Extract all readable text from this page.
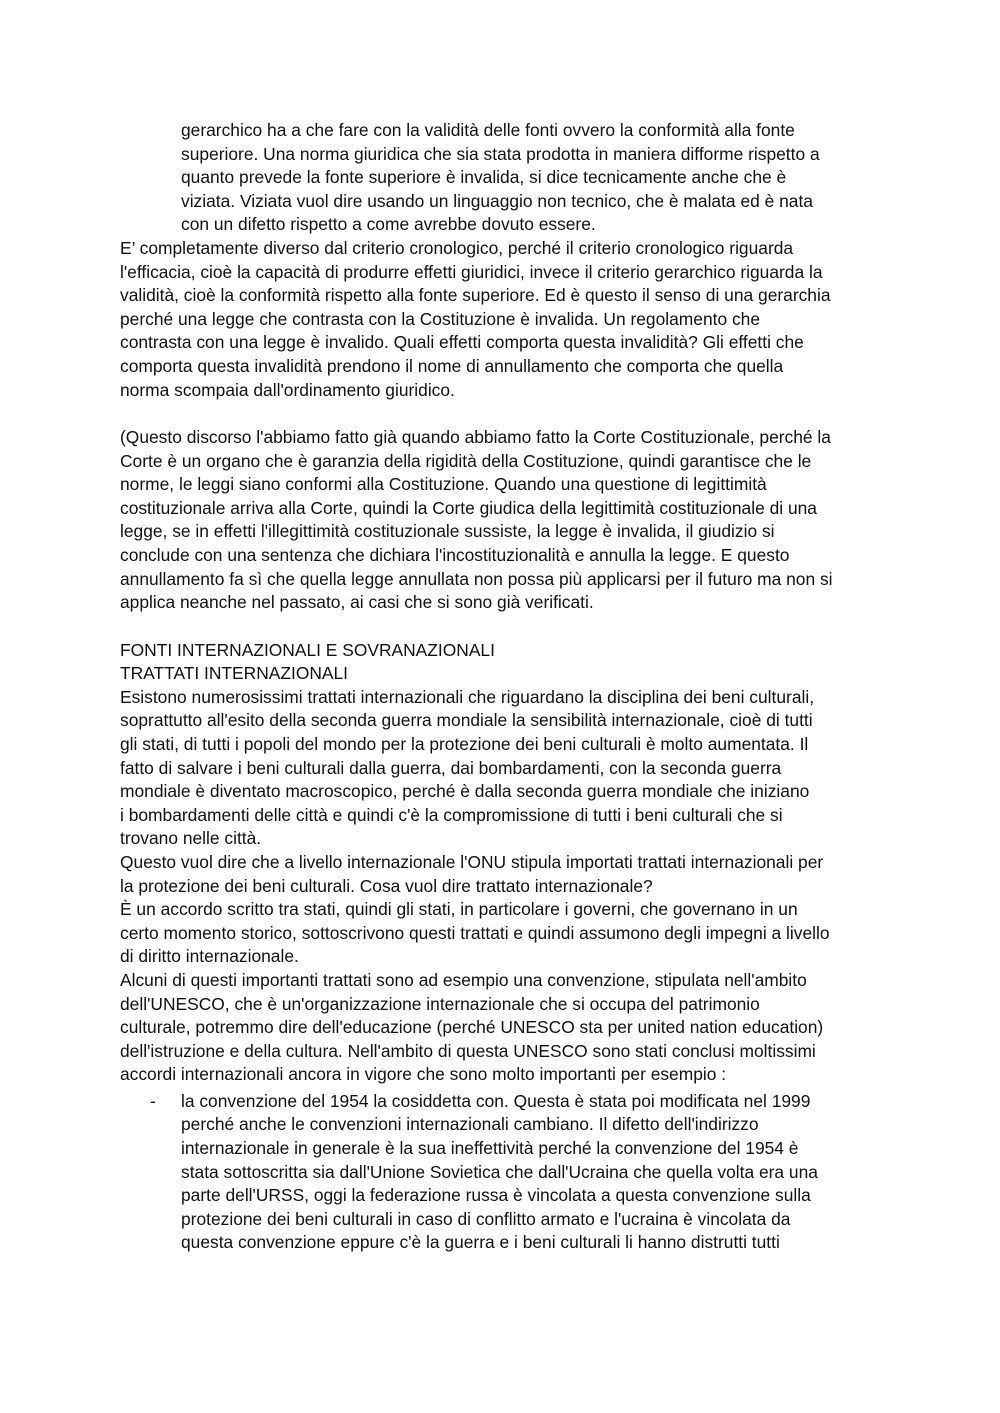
gerarchico ha a che fare con la validità delle fonti ovvero la conformità alla fonte
superiore. Una norma giuridica che sia stata prodotta in maniera difforme rispetto a
quanto prevede la fonte superiore è invalida, si dice tecnicamente anche che è
viziata. Viziata vuol dire usando un linguaggio non tecnico, che è malata ed è nata
con un difetto rispetto a come avrebbe dovuto essere.
E’ completamente diverso dal criterio cronologico, perché il criterio cronologico riguarda
l'efficacia, cioè la capacità di produrre effetti giuridici, invece il criterio gerarchico riguarda la
validità, cioè la conformità rispetto alla fonte superiore. Ed è questo il senso di una gerarchia
perché una legge che contrasta con la Costituzione è invalida. Un regolamento che
contrasta con una legge è invalido. Quali effetti comporta questa invalidità? Gli effetti che
comporta questa invalidità prendono il nome di annullamento che comporta che quella
norma scompaia dall'ordinamento giuridico.
(Questo discorso l'abbiamo fatto già quando abbiamo fatto la Corte Costituzionale, perché la
Corte è un organo che è garanzia della rigidità della Costituzione, quindi garantisce che le
norme, le leggi siano conformi alla Costituzione. Quando una questione di legittimità
costituzionale arriva alla Corte, quindi la Corte giudica della legittimità costituzionale di una
legge, se in effetti l'illegittimità costituzionale sussiste, la legge è invalida, il giudizio si
conclude con una sentenza che dichiara l'incostituzionalità e annulla la legge. E questo
annullamento fa sì che quella legge annullata non possa più applicarsi per il futuro ma non si
applica neanche nel passato, ai casi che si sono già verificati.
FONTI INTERNAZIONALI E SOVRANAZIONALI
TRATTATI INTERNAZIONALI
Esistono numerosissimi trattati internazionali che riguardano la disciplina dei beni culturali,
soprattutto all'esito della seconda guerra mondiale la sensibilità internazionale, cioè di tutti
gli stati, di tutti i popoli del mondo per la protezione dei beni culturali è molto aumentata. Il
fatto di salvare i beni culturali dalla guerra, dai bombardamenti, con la seconda guerra
mondiale è diventato macroscopico, perché è dalla seconda guerra mondiale che iniziano
i bombardamenti delle città e quindi c'è la compromissione di tutti i beni culturali che si
trovano nelle città.
Questo vuol dire che a livello internazionale l'ONU stipula importati trattati internazionali per
la protezione dei beni culturali. Cosa vuol dire trattato internazionale?
È un accordo scritto tra stati, quindi gli stati, in particolare i governi, che governano in un
certo momento storico, sottoscrivono questi trattati e quindi assumono degli impegni a livello
di diritto internazionale.
Alcuni di questi importanti trattati sono ad esempio una convenzione, stipulata nell'ambito
dell'UNESCO, che è un'organizzazione internazionale che si occupa del patrimonio
culturale, potremmo dire dell'educazione (perché UNESCO sta per united nation education)
dell'istruzione e della cultura. Nell'ambito di questa UNESCO sono stati conclusi moltissimi
accordi internazionali ancora in vigore che sono molto importanti per esempio :
- la convenzione del 1954 la cosiddetta con. Questa è stata poi modificata nel 1999
perché anche le convenzioni internazionali cambiano. Il difetto dell'indirizzo
internazionale in generale è la sua ineffettività perché la convenzione del 1954 è
stata sottoscritta sia dall'Unione Sovietica che dall'Ucraina che quella volta era una
parte dell'URSS, oggi la federazione russa è vincolata a questa convenzione sulla
protezione dei beni culturali in caso di conflitto armato e l'ucraina è vincolata da
questa convenzione eppure c'è la guerra e i beni culturali li hanno distrutti tutti
